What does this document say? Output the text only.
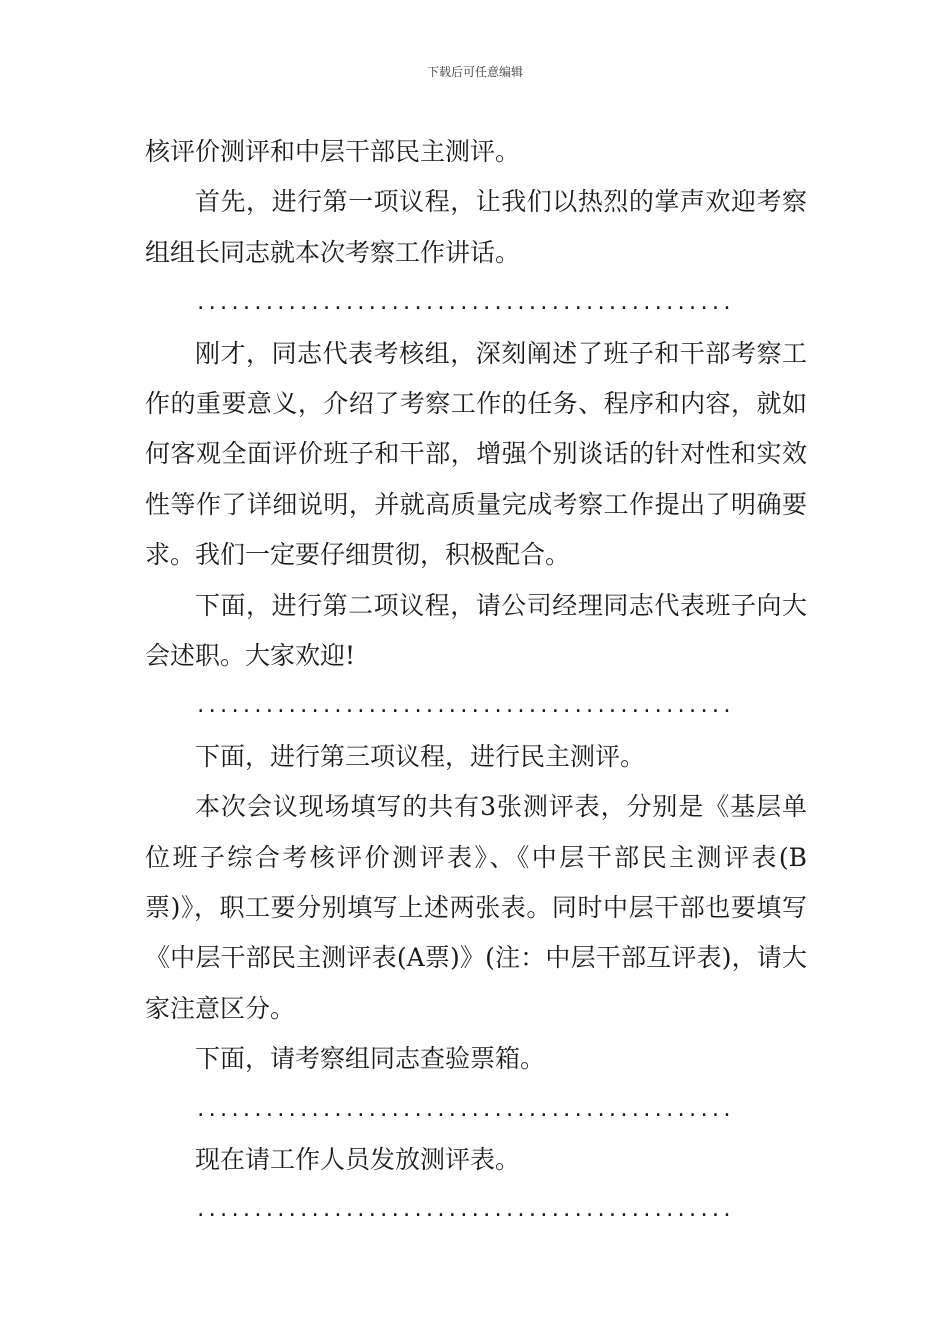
下载后可任意编辑

核评价测评和中层干部民主测评。

首先，进行第一项议程，让我们以热烈的掌声欢迎考察组组长同志就本次考察工作讲话。

...............................................

刚才，同志代表考核组，深刻阐述了班子和干部考察工作的重要意义，介绍了考察工作的任务、程序和内容，就如何客观全面评价班子和干部，增强个别谈话的针对性和实效性等作了详细说明，并就高质量完成考察工作提出了明确要求。我们一定要仔细贯彻，积极配合。

下面，进行第二项议程，请公司经理同志代表班子向大会述职。大家欢迎!

...............................................

下面，进行第三项议程，进行民主测评。

本次会议现场填写的共有3张测评表，分别是《基层单位班子综合考核评价测评表》、《中层干部民主测评表(B票)》，职工要分别填写上述两张表。同时中层干部也要填写《中层干部民主测评表(A票)》(注：中层干部互评表)，请大家注意区分。

下面，请考察组同志查验票箱。

...............................................

现在请工作人员发放测评表。

...............................................
